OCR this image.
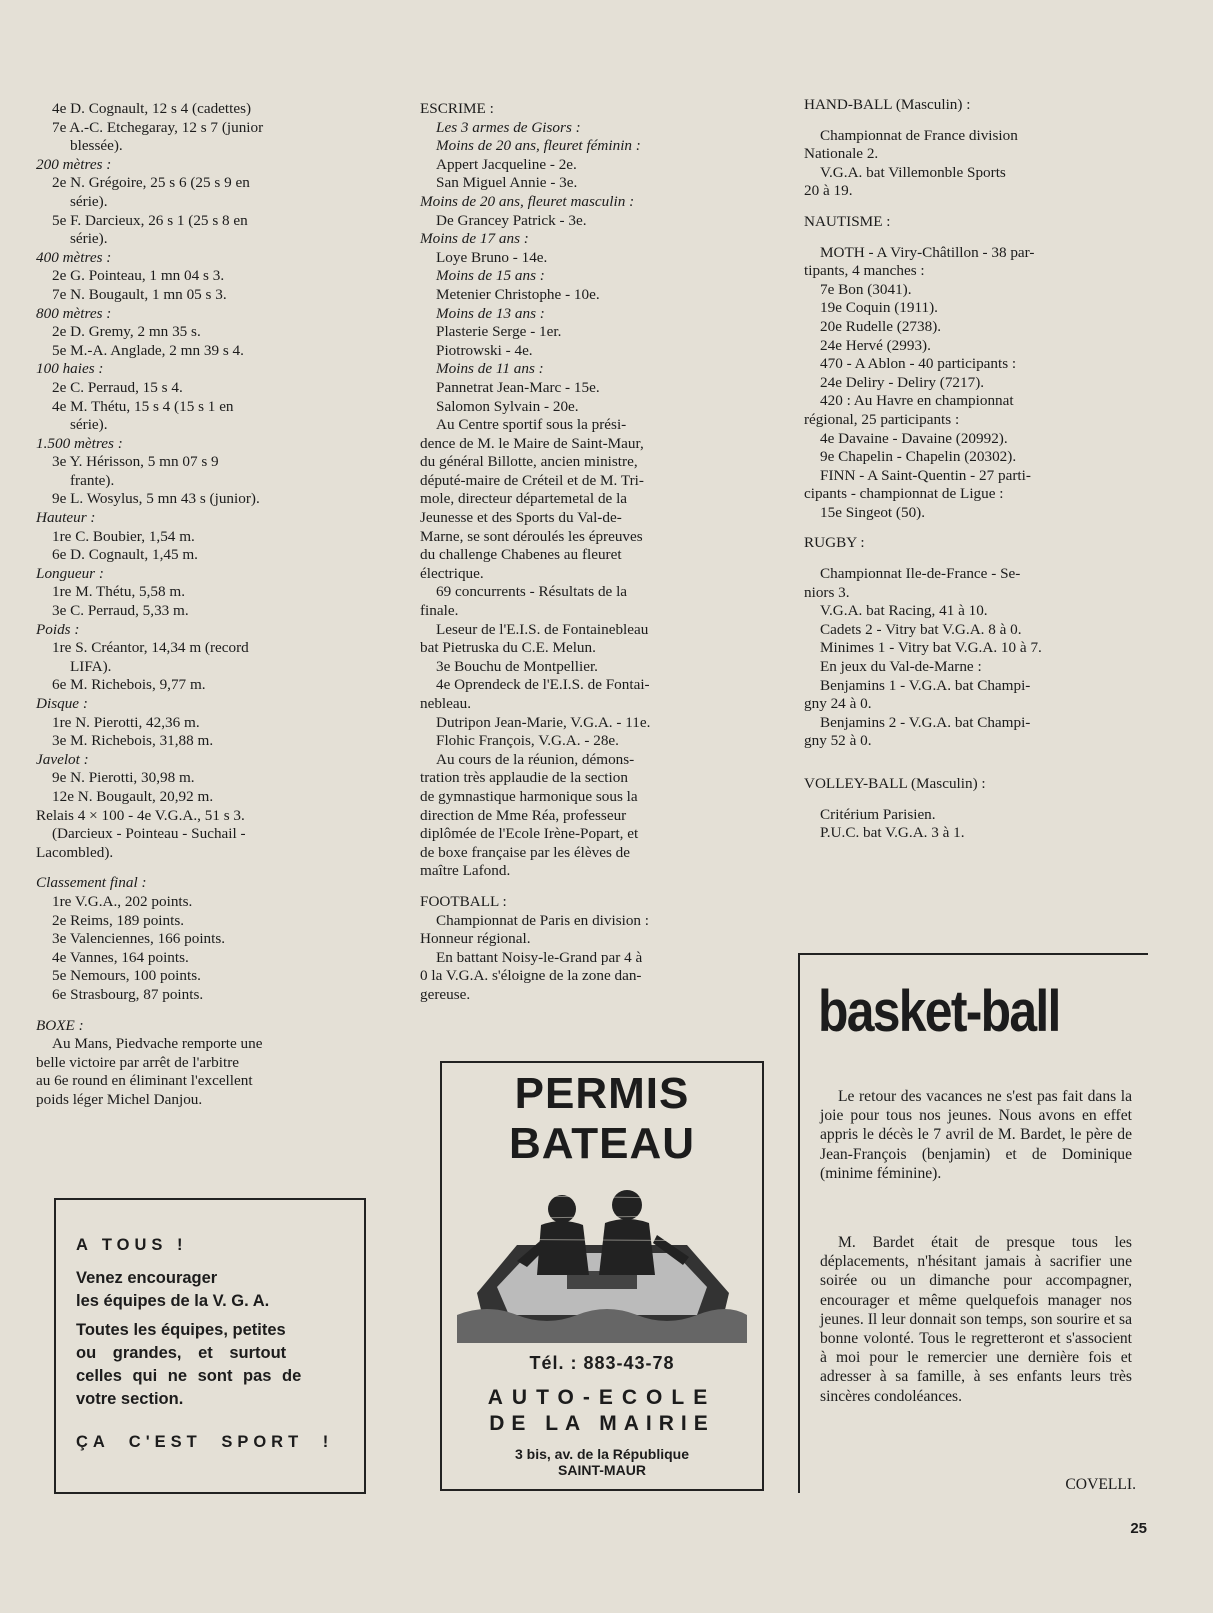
4e D. Cognault, 12 s 4 (cadettes)

7e A.-C. Etchegaray, 12 s 7 (junior

blessée).

200 mètres :

2e N. Grégoire, 25 s 6 (25 s 9 en

série).

5e F. Darcieux, 26 s 1 (25 s 8 en

série).

400 mètres :

2e G. Pointeau, 1 mn 04 s 3.

7e N. Bougault, 1 mn 05 s 3.

800 mètres :

2e D. Gremy, 2 mn 35 s.

5e M.-A. Anglade, 2 mn 39 s 4.

100 haies :

2e C. Perraud, 15 s 4.

4e M. Thétu, 15 s 4 (15 s 1 en

série).

1.500 mètres :

3e Y. Hérisson, 5 mn 07 s 9

frante).

9e L. Wosylus, 5 mn 43 s (junior).

Hauteur :

1re C. Boubier, 1,54 m.

6e D. Cognault, 1,45 m.

Longueur :

1re M. Thétu, 5,58 m.

3e C. Perraud, 5,33 m.

Poids :

1re S. Créantor, 14,34 m (record

LIFA).

6e M. Richebois, 9,77 m.

Disque :

1re N. Pierotti, 42,36 m.

3e M. Richebois, 31,88 m.

Javelot :

9e N. Pierotti, 30,98 m.

12e N. Bougault, 20,92 m.

Relais 4 × 100 - 4e V.G.A., 51 s 3.

(Darcieux - Pointeau - Suchail -

Lacombled).

Classement final :

1re V.G.A., 202 points.

2e Reims, 189 points.

3e Valenciennes, 166 points.

4e Vannes, 164 points.

5e Nemours, 100 points.

6e Strasbourg, 87 points.

BOXE :

Au Mans, Piedvache remporte une

belle victoire par arrêt de l'arbitre

au 6e round en éliminant l'excellent

poids léger Michel Danjou.

ESCRIME :

Les 3 armes de Gisors :

Moins de 20 ans, fleuret féminin :

Appert Jacqueline - 2e.

San Miguel Annie - 3e.

Moins de 20 ans, fleuret masculin :

De Grancey Patrick - 3e.

Moins de 17 ans :

Loye Bruno - 14e.

Moins de 15 ans :

Metenier Christophe - 10e.

Moins de 13 ans :

Plasterie Serge - 1er.

Piotrowski - 4e.

Moins de 11 ans :

Pannetrat Jean-Marc - 15e.

Salomon Sylvain - 20e.

Au Centre sportif sous la prési-

dence de M. le Maire de Saint-Maur,

du général Billotte, ancien ministre,

député-maire de Créteil et de M. Tri-

mole, directeur départemetal de la

Jeunesse et des Sports du Val-de-

Marne, se sont déroulés les épreuves

du challenge Chabenes au fleuret

électrique.

69 concurrents - Résultats de la

finale.

Leseur de l'E.I.S. de Fontainebleau

bat Pietruska du C.E. Melun.

3e Bouchu de Montpellier.

4e Oprendeck de l'E.I.S. de Fontai-

nebleau.

Dutripon Jean-Marie, V.G.A. - 11e.

Flohic François, V.G.A. - 28e.

Au cours de la réunion, démons-

tration très applaudie de la section

de gymnastique harmonique sous la

direction de Mme Réa, professeur

diplômée de l'Ecole Irène-Popart, et

de boxe française par les élèves de

maître Lafond.

FOOTBALL :

Championnat de Paris en division :

Honneur régional.

En battant Noisy-le-Grand par 4 à

0 la V.G.A. s'éloigne de la zone dan-

gereuse.

HAND-BALL (Masculin) :

Championnat de France division

Nationale 2.

V.G.A. bat Villemonble Sports

20 à 19.

NAUTISME :

MOTH - A Viry-Châtillon - 38 par-

tipants, 4 manches :

7e Bon (3041).

19e Coquin (1911).

20e Rudelle (2738).

24e Hervé (2993).

470 - A Ablon - 40 participants :

24e Deliry - Deliry (7217).

420 : Au Havre en championnat

régional, 25 participants :

4e Davaine - Davaine (20992).

9e Chapelin - Chapelin (20302).

FINN - A Saint-Quentin - 27 parti-

cipants - championnat de Ligue :

15e Singeot (50).

RUGBY :

Championnat Ile-de-France - Se-

niors 3.

V.G.A. bat Racing, 41 à 10.

Cadets 2 - Vitry bat V.G.A. 8 à 0.

Minimes 1 - Vitry bat V.G.A. 10 à 7.

En jeux du Val-de-Marne :

Benjamins 1 - V.G.A. bat Champi-

gny 24 à 0.

Benjamins 2 - V.G.A. bat Champi-

gny 52 à 0.

VOLLEY-BALL (Masculin) :

Critérium Parisien.

P.U.C. bat V.G.A. 3 à 1.

A TOUS !

Venez encourager

les équipes de la V. G. A.

Toutes les équipes, petites

ou grandes, et surtout

celles qui ne sont pas de

votre section.

ÇA C'EST SPORT !

PERMIS
BATEAU
Tél. : 883-43-78
AUTO-ECOLE
DE LA MAIRIE
3 bis, av. de la République
SAINT-MAUR
basket-ball

Le retour des vacances ne s'est pas fait dans la joie pour tous nos jeunes. Nous avons en effet appris le décès le 7 avril de M. Bardet, le père de Jean-François (benjamin) et de Dominique (minime féminine).

M. Bardet était de presque tous les déplacements, n'hésitant jamais à sacrifier une soirée ou un dimanche pour accompagner, encourager et même quelquefois manager nos jeunes. Il leur donnait son temps, son sourire et sa bonne volonté. Tous le regretteront et s'associent à moi pour le remercier une dernière fois et adresser à sa famille, à ses enfants leurs très sincères condoléances.

COVELLI.
25
